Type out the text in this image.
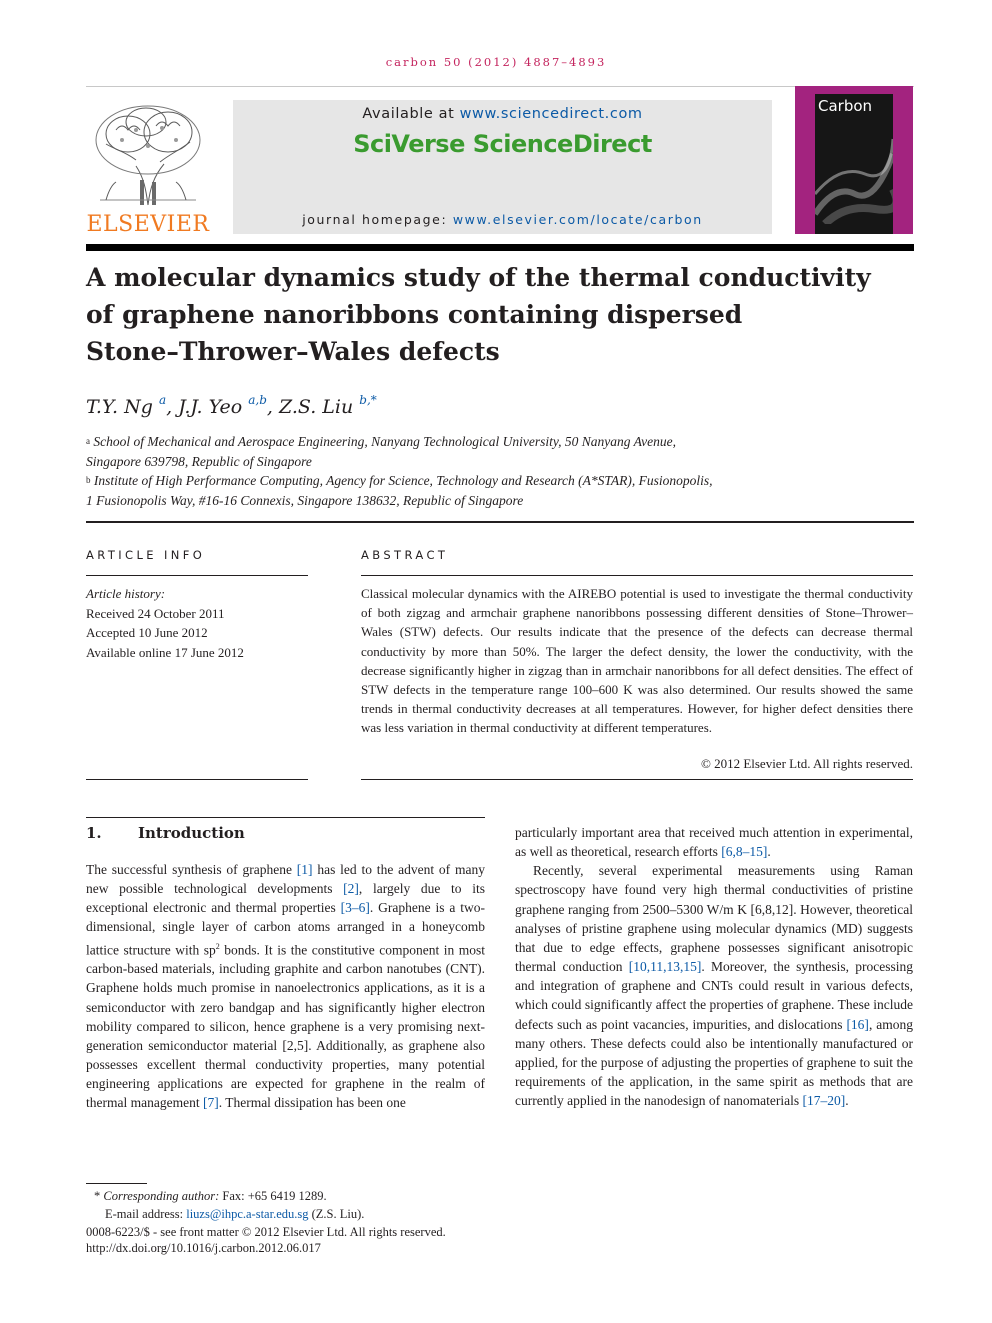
carbon 50 (2012) 4887–4893
ELSEVIER
Available at www.sciencedirect.com
SciVerse ScienceDirect
journal homepage: www.elsevier.com/locate/carbon
Carbon
A molecular dynamics study of the thermal conductivity
of graphene nanoribbons containing dispersed
Stone–Thrower–Wales defects
T.Y. Ng $^a$, J.J. Yeo $^{a,b}$, Z.S. Liu $^{b,*}$
$^a$ School of Mechanical and Aerospace Engineering, Nanyang Technological University, 50 Nanyang Avenue,
Singapore 639798, Republic of Singapore
$^b$ Institute of High Performance Computing, Agency for Science, Technology and Research (A*STAR), Fusionopolis,
1 Fusionopolis Way, #16-16 Connexis, Singapore 138632, Republic of Singapore
ARTICLE INFO
Article history:
Received 24 October 2011
Accepted 10 June 2012
Available online 17 June 2012
ABSTRACT
Classical molecular dynamics with the AIREBO potential is used to investigate the thermal conductivity of both zigzag and armchair graphene nanoribbons possessing different densities of Stone–Thrower–Wales (STW) defects. Our results indicate that the presence of the defects can decrease thermal conductivity by more than 50%. The larger the defect density, the lower the conductivity, with the decrease significantly higher in zigzag than in armchair nanoribbons for all defect densities. The effect of STW defects in the temperature range 100–600 K was also determined. Our results showed the same trends in thermal conductivity decreases at all temperatures. However, for higher defect densities there was less variation in thermal conductivity at different temperatures.
© 2012 Elsevier Ltd. All rights reserved.
1. Introduction

The successful synthesis of graphene [1] has led to the advent of many new possible technological developments [2], largely due to its exceptional electronic and thermal properties [3–6]. Graphene is a two-dimensional, single layer of carbon atoms arranged in a honeycomb lattice structure with $sp^2$ bonds. It is the constitutive component in most carbon-based materials, including graphite and carbon nanotubes (CNT). Graphene holds much promise in nanoelectronics applications, as it is a semiconductor with zero bandgap and has significantly higher electron mobility compared to silicon, hence graphene is a very promising next-generation semiconductor material [2,5]. Additionally, as graphene also possesses excellent thermal conductivity properties, many potential engineering applications are expected for graphene in the realm of thermal management [7]. Thermal dissipation has been one

particularly important area that received much attention in experimental, as well as theoretical, research efforts [6,8–15].

Recently, several experimental measurements using Raman spectroscopy have found very high thermal conductivities of pristine graphene ranging from 2500–5300 W/m K [6,8,12]. However, theoretical analyses of pristine graphene using molecular dynamics (MD) suggests that due to edge effects, graphene possesses significant anisotropic thermal conduction [10,11,13,15]. Moreover, the synthesis, processing and integration of graphene and CNTs could result in various defects, which could significantly affect the properties of graphene. These include defects such as point vacancies, impurities, and dislocations [16], among many others. These defects could also be intentionally manufactured or applied, for the purpose of adjusting the properties of graphene to suit the requirements of the application, in the same spirit as methods that are currently applied in the nanodesign of nanomaterials [17–20].

* Corresponding author: Fax: +65 6419 1289.
E-mail address: liuzs@ihpc.a-star.edu.sg (Z.S. Liu).
0008-6223/$ - see front matter © 2012 Elsevier Ltd. All rights reserved.
http://dx.doi.org/10.1016/j.carbon.2012.06.017
